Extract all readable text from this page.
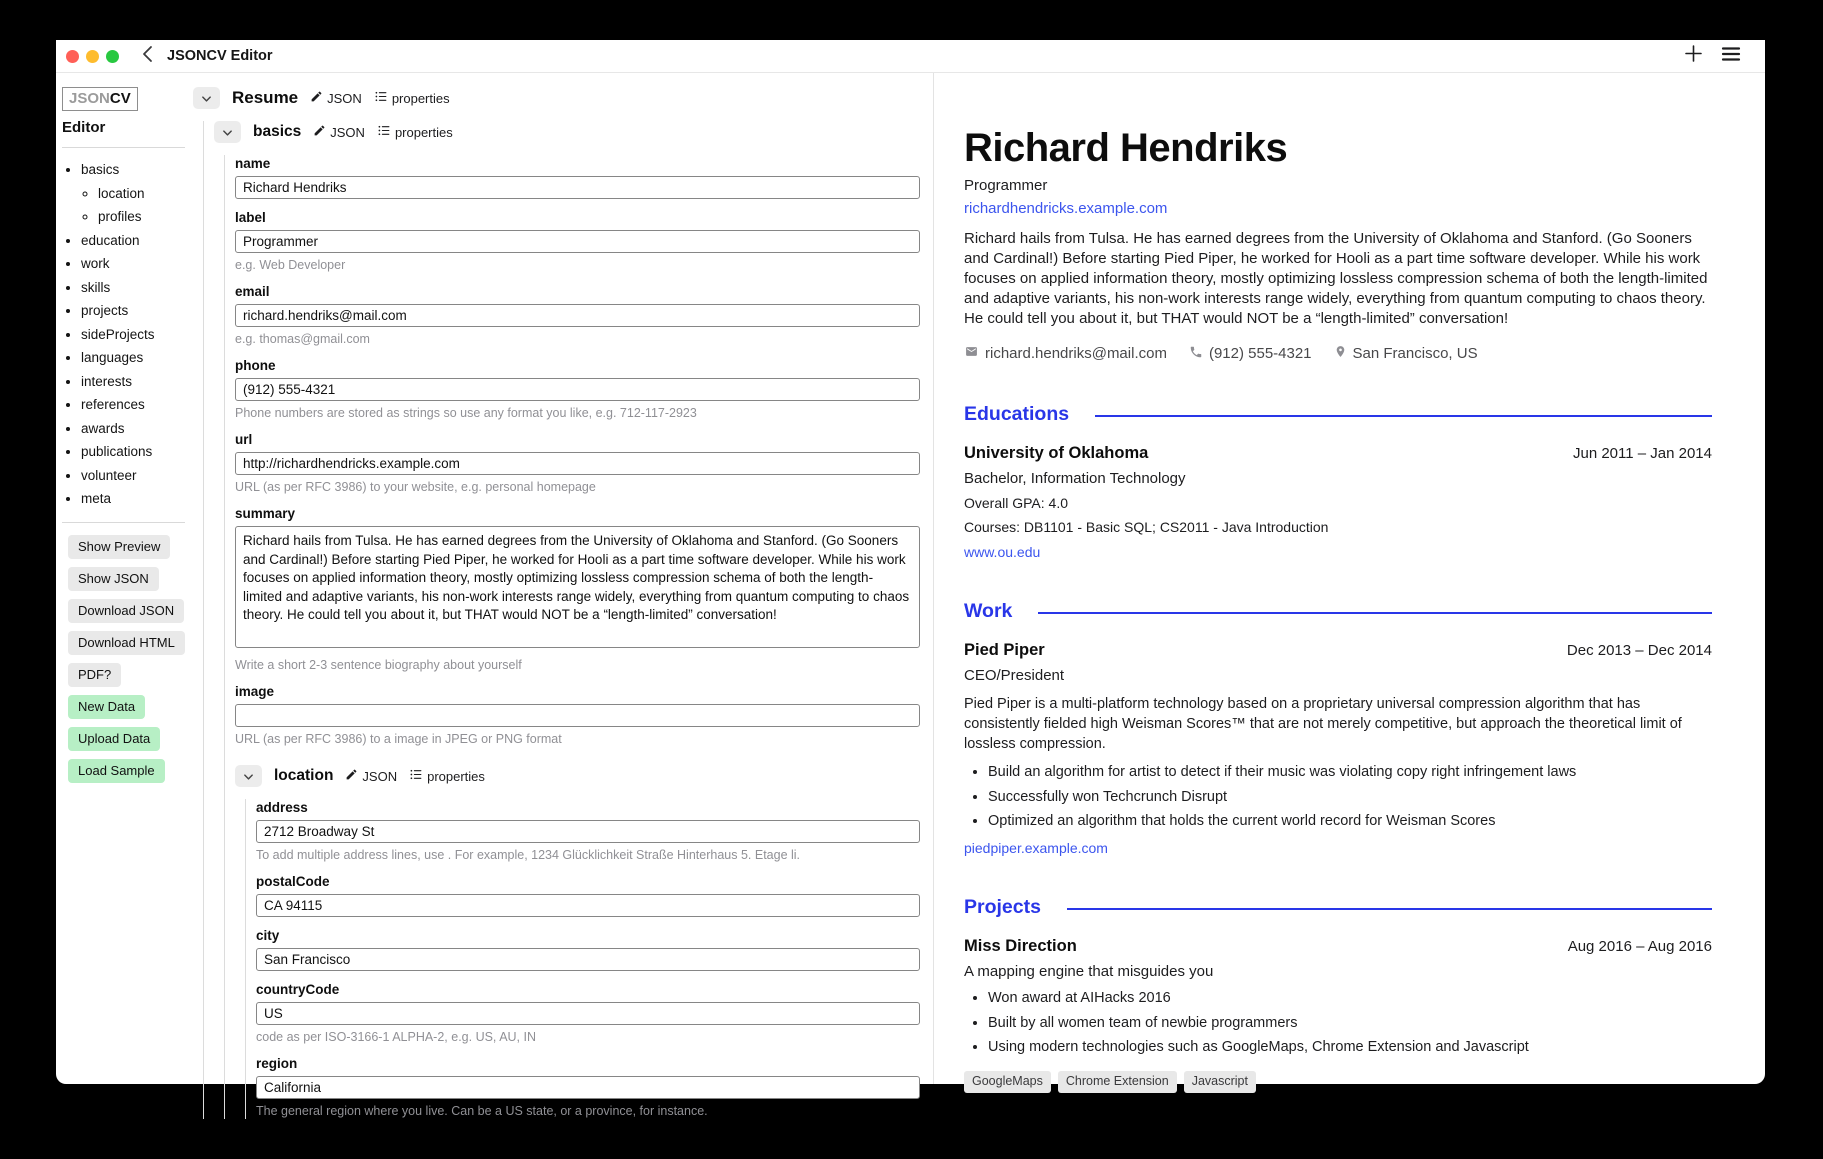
JSONCV Editor
JSONCV
Editor
• basics
◦ location
◦ profiles
• education
• work
• skills
• projects
• sideProjects
• languages
• interests
• references
• awards
• publications
• volunteer
• meta
Show Preview
Show JSON
Download JSON
Download HTML
PDF?
New Data
Upload Data
Load Sample
Resume JSON properties
basics JSON properties
name
Richard Hendriks
label
Programmer
e.g. Web Developer
email
richard.hendriks@mail.com
e.g. thomas@gmail.com
phone
(912) 555-4321
Phone numbers are stored as strings so use any format you like, e.g. 712-117-2923
url
http://richardhendricks.example.com
URL (as per RFC 3986) to your website, e.g. personal homepage
summary
Richard hails from Tulsa. He has earned degrees from the University of Oklahoma and Stanford. (Go Sooners and Cardinal!) Before starting Pied Piper, he worked for Hooli as a part time software developer. While his work focuses on applied information theory, mostly optimizing lossless compression schema of both the length-limited and adaptive variants, his non-work interests range widely, everything from quantum computing to chaos theory. He could tell you about it, but THAT would NOT be a “length-limited” conversation!
Write a short 2-3 sentence biography about yourself
image
URL (as per RFC 3986) to a image in JPEG or PNG format
location JSON properties
address
2712 Broadway St
To add multiple address lines, use . For example, 1234 Glücklichkeit Straße Hinterhaus 5. Etage li.
postalCode
CA 94115
city
San Francisco
countryCode
US
code as per ISO-3166-1 ALPHA-2, e.g. US, AU, IN
region
California
The general region where you live. Can be a US state, or a province, for instance.
Richard Hendriks
Programmer
richardhendricks.example.com
Richard hails from Tulsa. He has earned degrees from the University of Oklahoma and Stanford. (Go Sooners and Cardinal!) Before starting Pied Piper, he worked for Hooli as a part time software developer. While his work focuses on applied information theory, mostly optimizing lossless compression schema of both the length-limited and adaptive variants, his non-work interests range widely, everything from quantum computing to chaos theory. He could tell you about it, but THAT would NOT be a “length-limited” conversation!
richard.hendriks@mail.com	(912) 555-4321	San Francisco, US
Educations
University of Oklahoma	Jun 2011 – Jan 2014
Bachelor, Information Technology
Overall GPA: 4.0
Courses: DB1101 - Basic SQL; CS2011 - Java Introduction
www.ou.edu
Work
Pied Piper	Dec 2013 – Dec 2014
CEO/President
Pied Piper is a multi-platform technology based on a proprietary universal compression algorithm that has consistently fielded high Weisman Scores™ that are not merely competitive, but approach the theoretical limit of lossless compression.
• Build an algorithm for artist to detect if their music was violating copy right infringement laws
• Successfully won Techcrunch Disrupt
• Optimized an algorithm that holds the current world record for Weisman Scores
piedpiper.example.com
Projects
Miss Direction	Aug 2016 – Aug 2016
A mapping engine that misguides you
• Won award at AIHacks 2016
• Built by all women team of newbie programmers
• Using modern technologies such as GoogleMaps, Chrome Extension and Javascript
GoogleMaps	Chrome Extension	Javascript
